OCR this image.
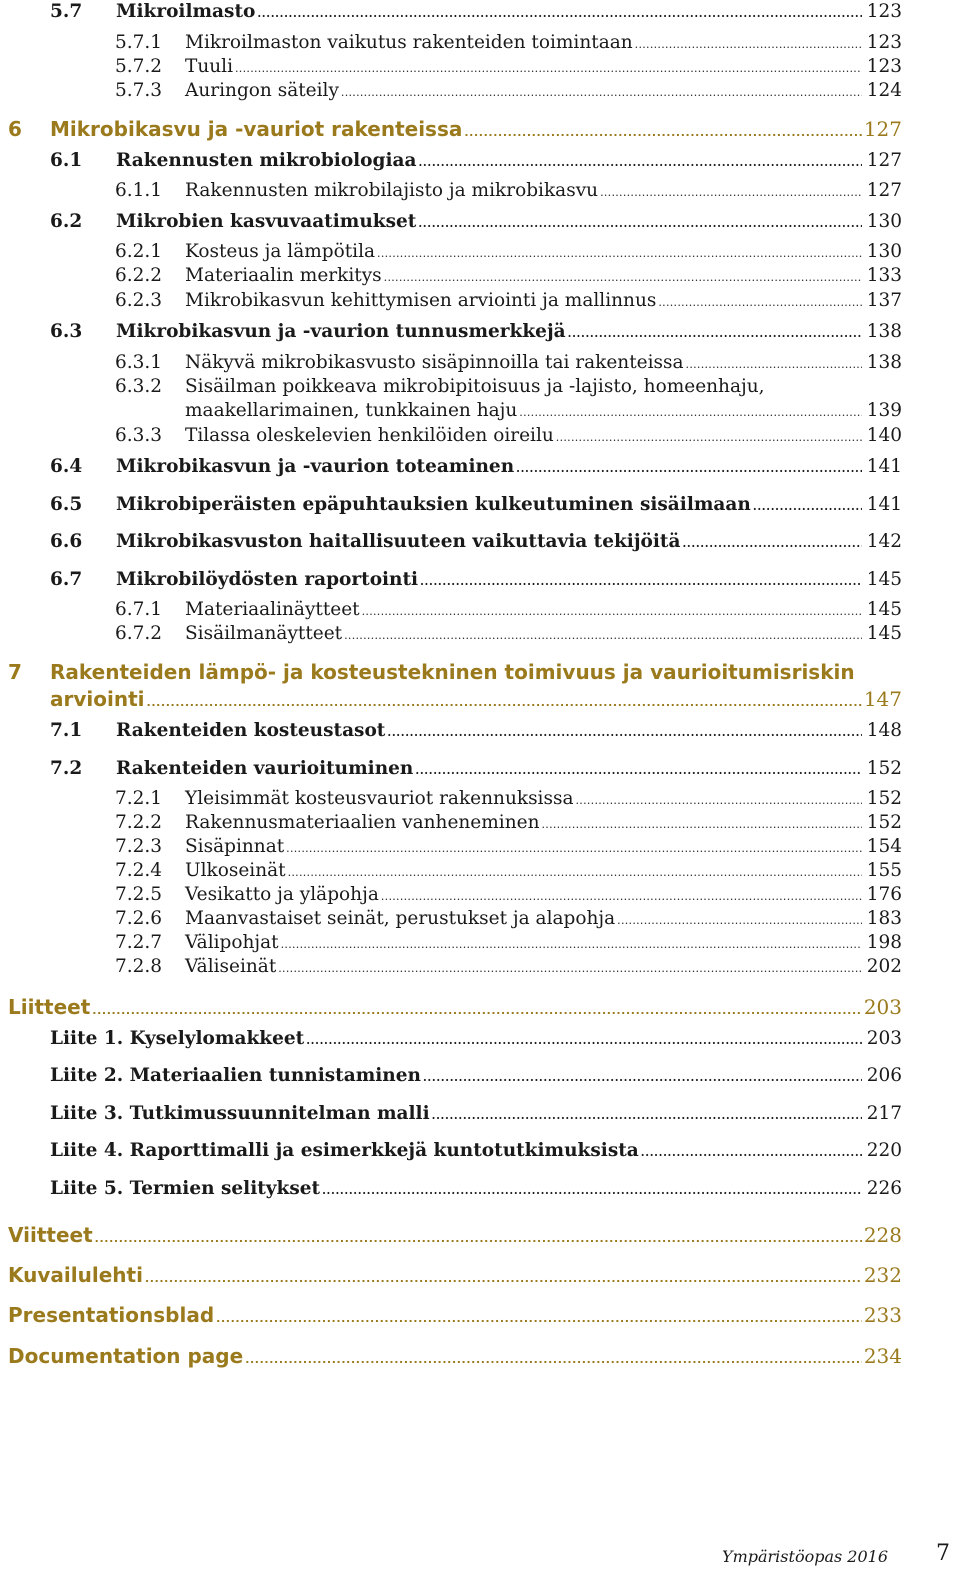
5.7	Mikroilmasto . . .	123
5.7.1	Mikroilmaston vaikutus rakenteiden toimintaan . . .	123
5.7.2	Tuuli . . .	123
5.7.3	Auringon säteily . . .	124
6	Mikrobikasvu ja -vauriot rakenteissa . . .	127
6.1	Rakennusten mikrobiologiaa . . .	127
6.1.1	Rakennusten mikrobilajisto ja mikrobikasvu . . .	127
6.2	Mikrobien kasvuvaatimukset . . .	130
6.2.1	Kosteus ja lämpötila . . .	130
6.2.2	Materiaalin merkitys . . .	133
6.2.3	Mikrobikasvun kehittymisen arviointi ja mallinnus . . .	137
6.3	Mikrobikasvun ja -vaurion tunnusmerkkejä . . .	138
6.3.1	Näkyvä mikrobikasvusto sisäpinnoilla tai rakenteissa . . .	138
6.3.2 Sisäilman poikkeava mikrobipitoisuus ja -lajisto, homeenhaju,
maakellarimainen, tunkkainen haju . . .	139
6.3.3	Tilassa oleskelevien henkilöiden oireilu . . .	140
6.4	Mikrobikasvun ja -vaurion toteaminen . . .	141
6.5	Mikrobiperäisten epäpuhtauksien kulkeutuminen sisäilmaan . . .	141
6.6	Mikrobikasvuston haitallisuuteen vaikuttavia tekijöitä . . .	142
6.7	Mikrobilöydösten raportointi . . .	145
6.7.1	Materiaalinäytteet . . .	145
6.7.2	Sisäilmanäytteet . . .	145
7 Rakenteiden lämpö- ja kosteustekninen toimivuus ja vaurioitumisriskin
arviointi . . .	147
7.1	Rakenteiden kosteustasot . . .	148
7.2	Rakenteiden vaurioituminen . . .	152
7.2.1	Yleisimmät kosteusvauriot rakennuksissa . . .	152
7.2.2	Rakennusmateriaalien vanheneminen . . .	152
7.2.3	Sisäpinnat . . .	154
7.2.4	Ulkoseinät . . .	155
7.2.5	Vesikatto ja yläpohja . . .	176
7.2.6	Maanvastaiset seinät, perustukset ja alapohja . . .	183
7.2.7	Välipohjat . . .	198
7.2.8	Väliseinät . . .	202
Liitteet . . .	203
Liite 1. Kyselylomakkeet . . .	203
Liite 2. Materiaalien tunnistaminen . . .	206
Liite 3. Tutkimussuunnitelman malli . . .	217
Liite 4. Raporttimalli ja esimerkkejä kuntotutkimuksista . . .	220
Liite 5. Termien selitykset . . .	226
Viitteet . . .	228
Kuvailulehti . . .	232
Presentationsblad . . .	233
Documentation page . . .	234
Ympäristöopas 2016 7
